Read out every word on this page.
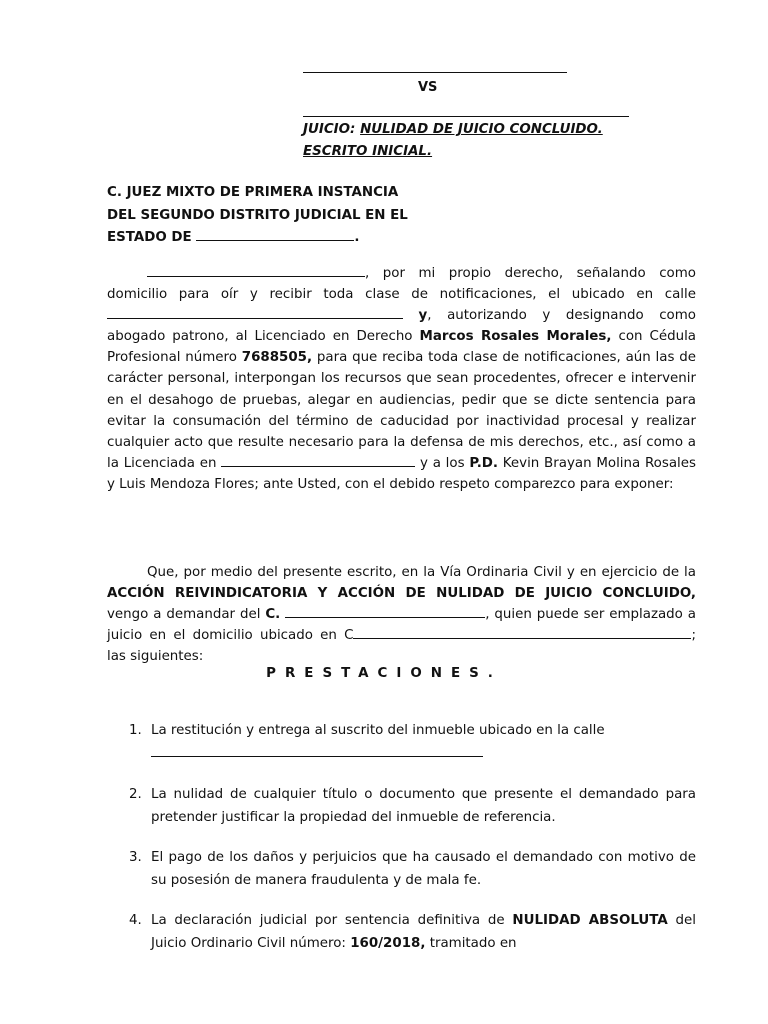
VS
JUICIO: NULIDAD DE JUICIO CONCLUIDO.
ESCRITO INICIAL.
C. JUEZ MIXTO DE PRIMERA INSTANCIA
DEL SEGUNDO DISTRITO JUDICIAL EN EL
ESTADO DE	.

, por mi propio derecho, señalando como domicilio para oír y recibir toda clase de notificaciones, el ubicado en calle  y, autorizando y designando como abogado patrono, al Licenciado en Derecho Marcos Rosales Morales, con Cédula Profesional número 7688505, para que reciba toda clase de notificaciones, aún las de carácter personal, interpongan los recursos que sean procedentes, ofrecer e intervenir en el desahogo de pruebas, alegar en audiencias, pedir que se dicte sentencia para evitar la consumación del término de caducidad por inactividad procesal y realizar cualquier acto que resulte necesario para la defensa de mis derechos, etc., así como a la Licenciada en	y a los P.D. Kevin Brayan Molina Rosales y Luis Mendoza Flores; ante Usted, con el debido respeto comparezco para exponer:

Que, por medio del presente escrito, en la Vía Ordinaria Civil y en ejercicio de la ACCIÓN REIVINDICATORIA Y ACCIÓN DE NULIDAD DE JUICIO CONCLUIDO, vengo a demandar del C.	, quien puede ser emplazado a juicio en el domicilio ubicado en C	; las siguientes:

PRESTACIONES.
1. La restitución y entrega al suscrito del inmueble ubicado en la calle

2. La nulidad de cualquier título o documento que presente el demandado para pretender justificar la propiedad del inmueble de referencia.
3. El pago de los daños y perjuicios que ha causado el demandado con motivo de su posesión de manera fraudulenta y de mala fe.
4. La declaración judicial por sentencia definitiva de NULIDAD ABSOLUTA del Juicio Ordinario Civil número: 160/2018, tramitado en
